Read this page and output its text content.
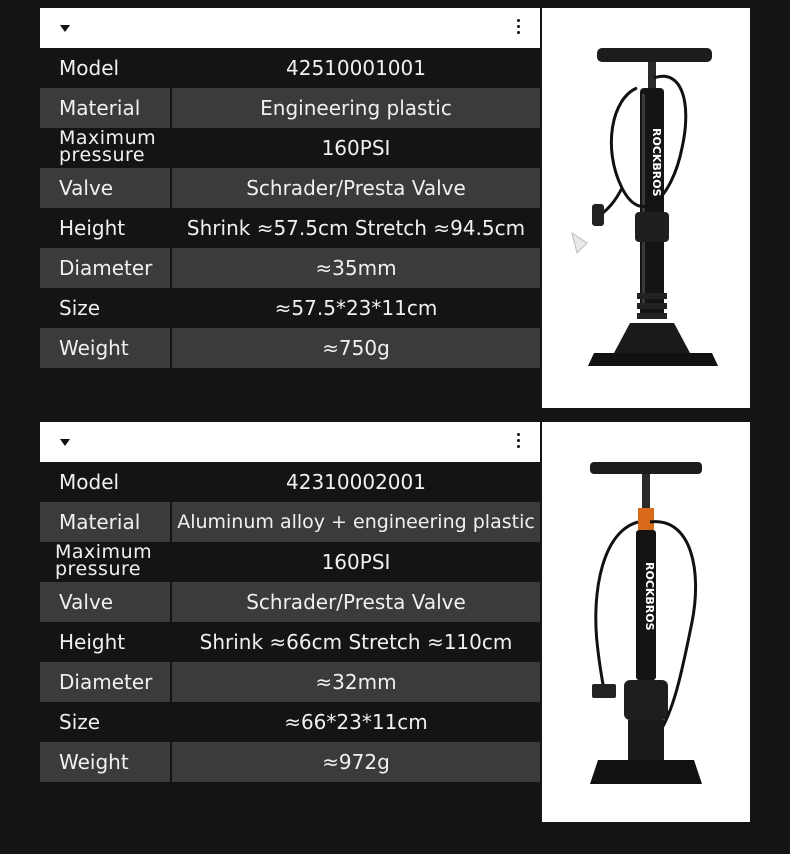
Model	42510001001
Material	Engineering plastic
Maximum pressure	160PSI
Valve	Schrader/Presta Valve
Height	Shrink ≈57.5cm Stretch ≈94.5cm
Diameter	≈35mm
Size	≈57.5*23*11cm
Weight	≈750g
ROCKBROS
Model	42310002001
Material	Aluminum alloy + engineering plastic
Maximum pressure	160PSI
Valve	Schrader/Presta Valve
Height	Shrink ≈66cm Stretch ≈110cm
Diameter	≈32mm
Size	≈66*23*11cm
Weight	≈972g
ROCKBROS
